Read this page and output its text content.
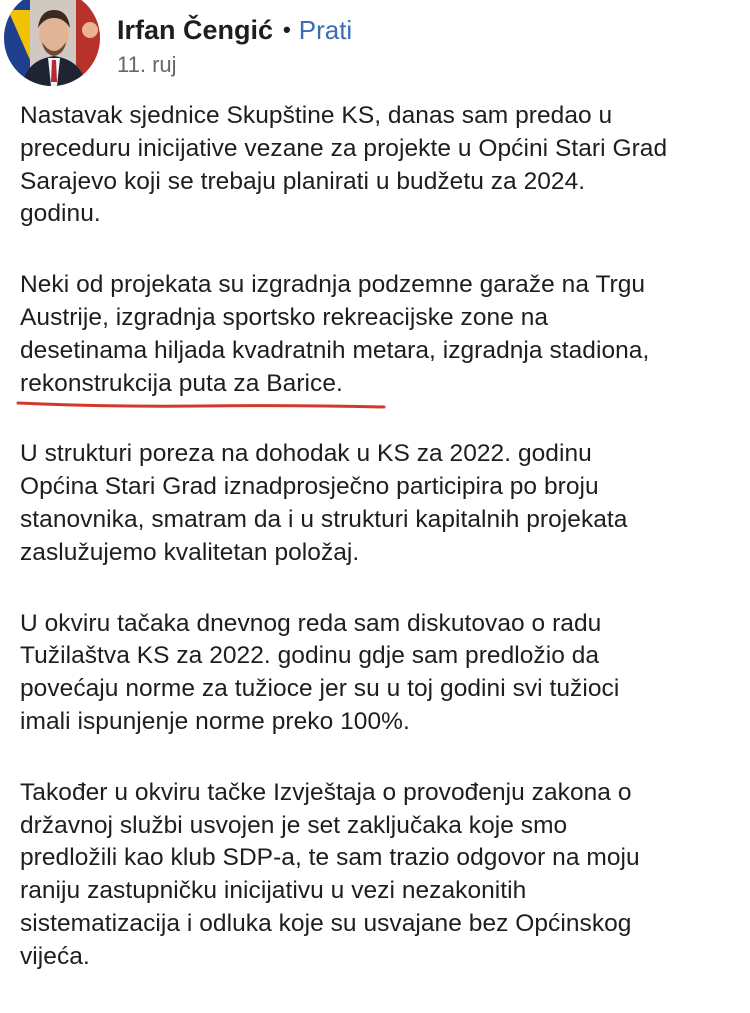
Irfan Čengić • Prati
11. ruj

Nastavak sjednice Skupštine KS, danas sam predao u
preceduru inicijative vezane za projekte u Općini Stari Grad
Sarajevo koji se trebaju planirati u budžetu za 2024.
godinu.

Neki od projekata su izgradnja podzemne garaže na Trgu
Austrije, izgradnja sportsko rekreacijske zone na
desetinama hiljada kvadratnih metara, izgradnja stadiona,
rekonstrukcija puta za Barice.

U strukturi poreza na dohodak u KS za 2022. godinu
Općina Stari Grad iznadprosječno participira po broju
stanovnika, smatram da i u strukturi kapitalnih projekata
zaslužujemo kvalitetan položaj.

U okviru tačaka dnevnog reda sam diskutovao o radu
Tužilaštva KS za 2022. godinu gdje sam predložio da
povećaju norme za tužioce jer su u toj godini svi tužioci
imali ispunjenje norme preko 100%.

Također u okviru tačke Izvještaja o provođenju zakona o
državnoj službi usvojen je set zaključaka koje smo
predložili kao klub SDP-a, te sam trazio odgovor na moju
raniju zastupničku inicijativu u vezi nezakonitih
sistematizacija i odluka koje su usvajane bez Općinskog
vijeća.
